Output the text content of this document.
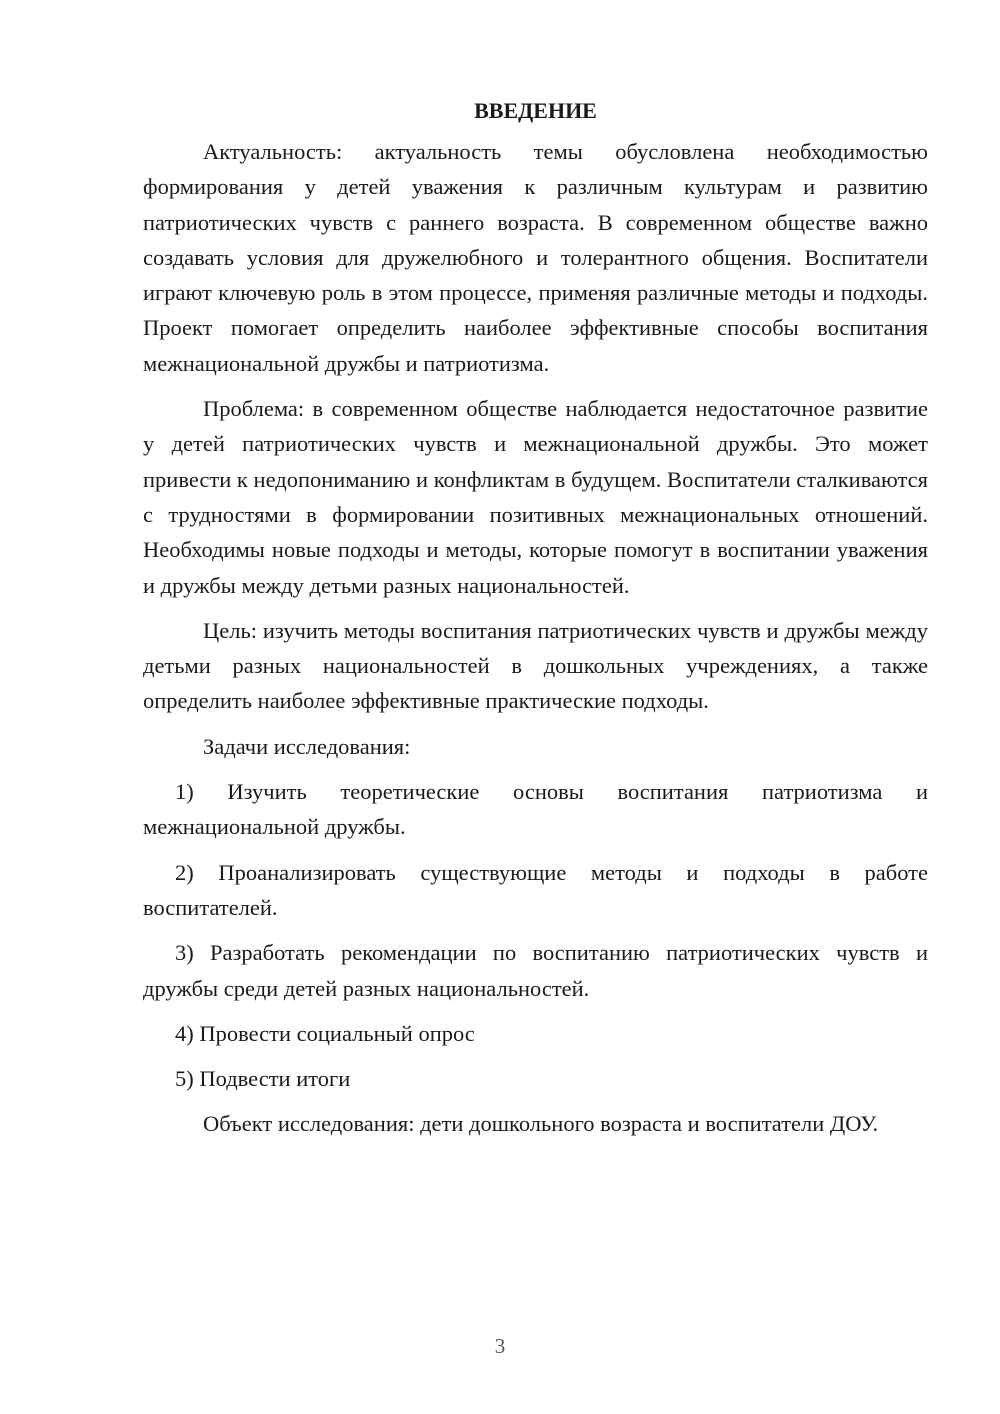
ВВЕДЕНИЕ

Актуальность: актуальность темы обусловлена необходимостью формирования у детей уважения к различным культурам и развитию патриотических чувств с раннего возраста. В современном обществе важно создавать условия для дружелюбного и толерантного общения. Воспитатели играют ключевую роль в этом процессе, применяя различные методы и подходы. Проект помогает определить наиболее эффективные способы воспитания межнациональной дружбы и патриотизма.

Проблема: в современном обществе наблюдается недостаточное развитие у детей патриотических чувств и межнациональной дружбы. Это может привести к недопониманию и конфликтам в будущем. Воспитатели сталкиваются с трудностями в формировании позитивных межнациональных отношений. Необходимы новые подходы и методы, которые помогут в воспитании уважения и дружбы между детьми разных национальностей.

Цель: изучить методы воспитания патриотических чувств и дружбы между детьми разных национальностей в дошкольных учреждениях, а также определить наиболее эффективные практические подходы.

Задачи исследования:

1) Изучить теоретические основы воспитания патриотизма и межнациональной дружбы.

2) Проанализировать существующие методы и подходы в работе воспитателей.

3) Разработать рекомендации по воспитанию патриотических чувств и дружбы среди детей разных национальностей.

4) Провести социальный опрос

5) Подвести итоги

Объект исследования: дети дошкольного возраста и воспитатели ДОУ.

3
